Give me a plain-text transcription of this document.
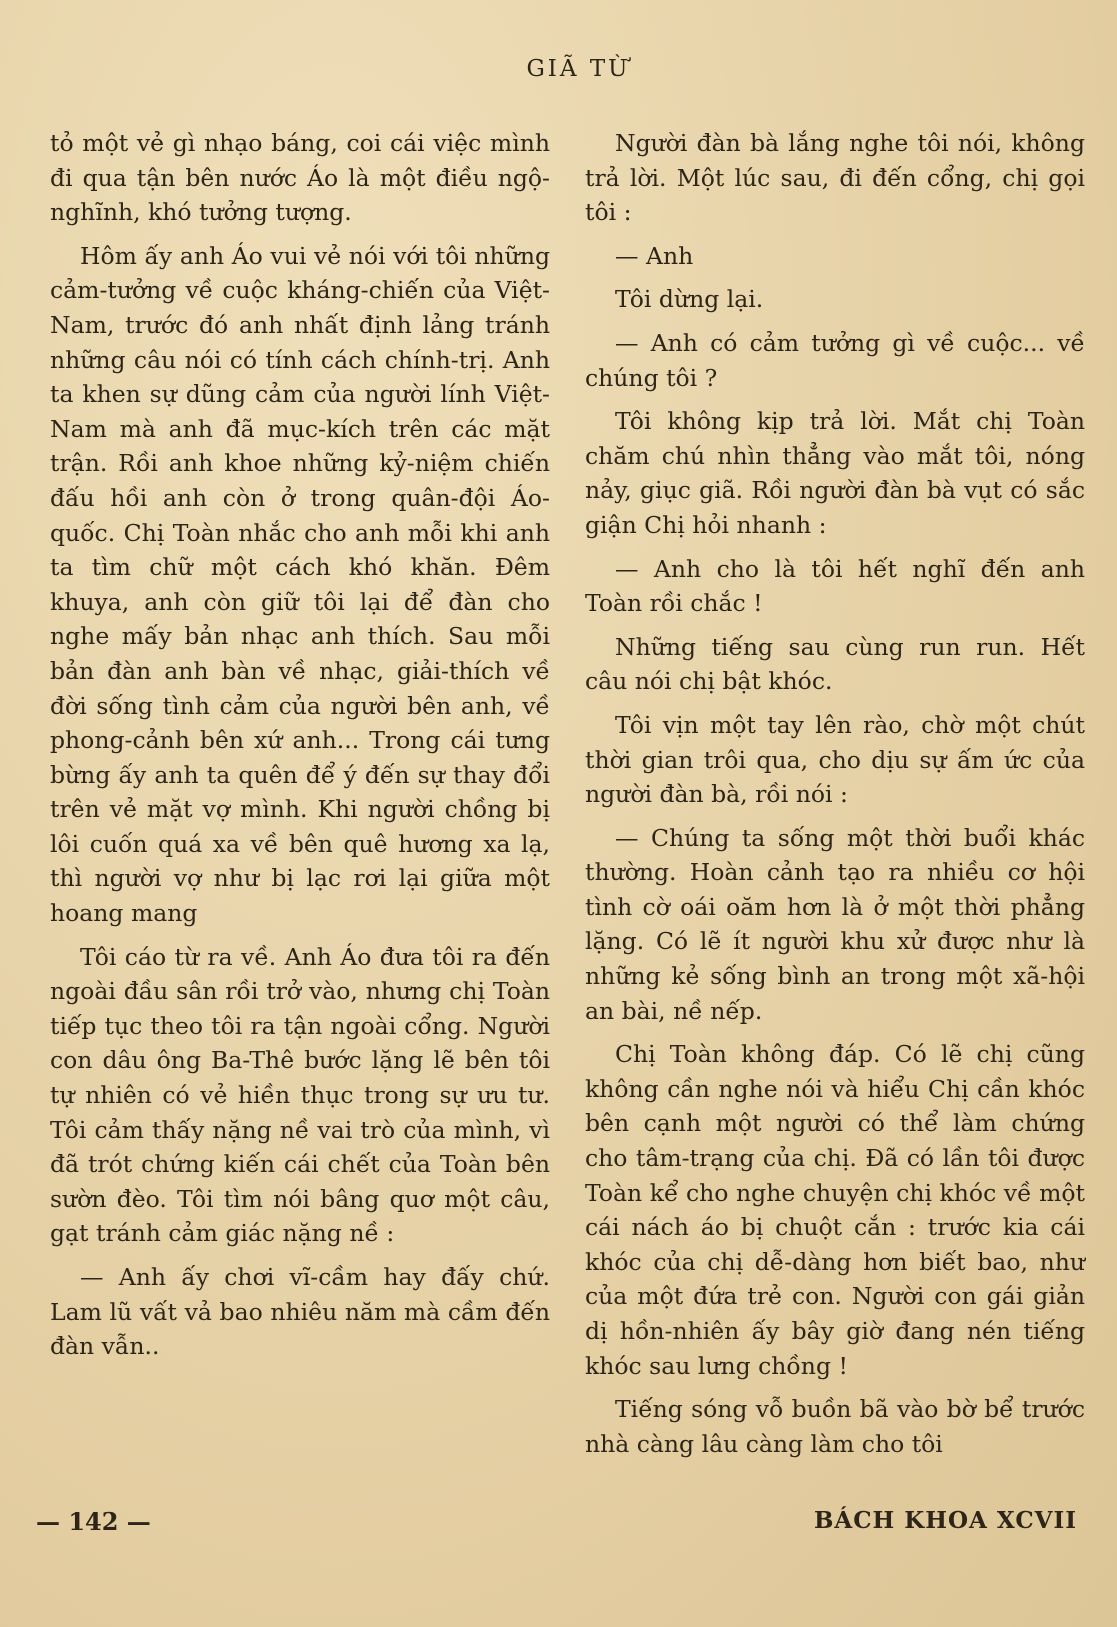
GIÃ TỪ

tỏ một vẻ gì nhạo báng, coi cái việc mình đi qua tận bên nước Áo là một điều ngộ-nghĩnh, khó tưởng tượng.

Hôm ấy anh Áo vui vẻ nói với tôi những cảm-tưởng về cuộc kháng-chiến của Việt-Nam, trước đó anh nhất định lảng tránh những câu nói có tính cách chính-trị. Anh ta khen sự dũng cảm của người lính Việt-Nam mà anh đã mục-kích trên các mặt trận. Rồi anh khoe những kỷ-niệm chiến đấu hồi anh còn ở trong quân-đội Áo-quốc. Chị Toàn nhắc cho anh mỗi khi anh ta tìm chữ một cách khó khăn. Đêm khuya, anh còn giữ tôi lại để đàn cho nghe mấy bản nhạc anh thích. Sau mỗi bản đàn anh bàn về nhạc, giải-thích về đời sống tình cảm của người bên anh, về phong-cảnh bên xứ anh... Trong cái tưng bừng ấy anh ta quên để ý đến sự thay đổi trên vẻ mặt vợ mình. Khi người chồng bị lôi cuốn quá xa về bên quê hương xa lạ, thì người vợ như bị lạc rơi lại giữa một hoang mang

Tôi cáo từ ra về. Anh Áo đưa tôi ra đến ngoài đầu sân rồi trở vào, nhưng chị Toàn tiếp tục theo tôi ra tận ngoài cổng. Người con dâu ông Ba-Thê bước lặng lẽ bên tôi tự nhiên có vẻ hiền thục trong sự ưu tư. Tôi cảm thấy nặng nề vai trò của mình, vì đã trót chứng kiến cái chết của Toàn bên sườn đèo. Tôi tìm nói bâng quơ một câu, gạt tránh cảm giác nặng nề :

— Anh ấy chơi vĩ-cầm hay đấy chứ. Lam lũ vất vả bao nhiêu năm mà cầm đến đàn vẫn..

Người đàn bà lắng nghe tôi nói, không trả lời. Một lúc sau, đi đến cổng, chị gọi tôi :

— Anh

Tôi dừng lại.

— Anh có cảm tưởng gì về cuộc... về chúng tôi ?

Tôi không kịp trả lời. Mắt chị Toàn chăm chú nhìn thẳng vào mắt tôi, nóng nảy, giục giã. Rồi người đàn bà vụt có sắc giận Chị hỏi nhanh :

— Anh cho là tôi hết nghĩ đến anh Toàn rồi chắc !

Những tiếng sau cùng run run. Hết câu nói chị bật khóc.

Tôi vịn một tay lên rào, chờ một chút thời gian trôi qua, cho dịu sự ấm ức của người đàn bà, rồi nói :

— Chúng ta sống một thời buổi khác thường. Hoàn cảnh tạo ra nhiều cơ hội tình cờ oái oăm hơn là ở một thời phẳng lặng. Có lẽ ít người khu xử được như là những kẻ sống bình an trong một xã-hội an bài, nề nếp.

Chị Toàn không đáp. Có lẽ chị cũng không cần nghe nói và hiểu Chị cần khóc bên cạnh một người có thể làm chứng cho tâm-trạng của chị. Đã có lần tôi được Toàn kể cho nghe chuyện chị khóc về một cái nách áo bị chuột cắn : trước kia cái khóc của chị dễ-dàng hơn biết bao, như của một đứa trẻ con. Người con gái giản dị hồn-nhiên ấy bây giờ đang nén tiếng khóc sau lưng chồng !

Tiếng sóng vỗ buồn bã vào bờ bể trước nhà càng lâu càng làm cho tôi

— 142 —	BÁCH KHOA XCVII
